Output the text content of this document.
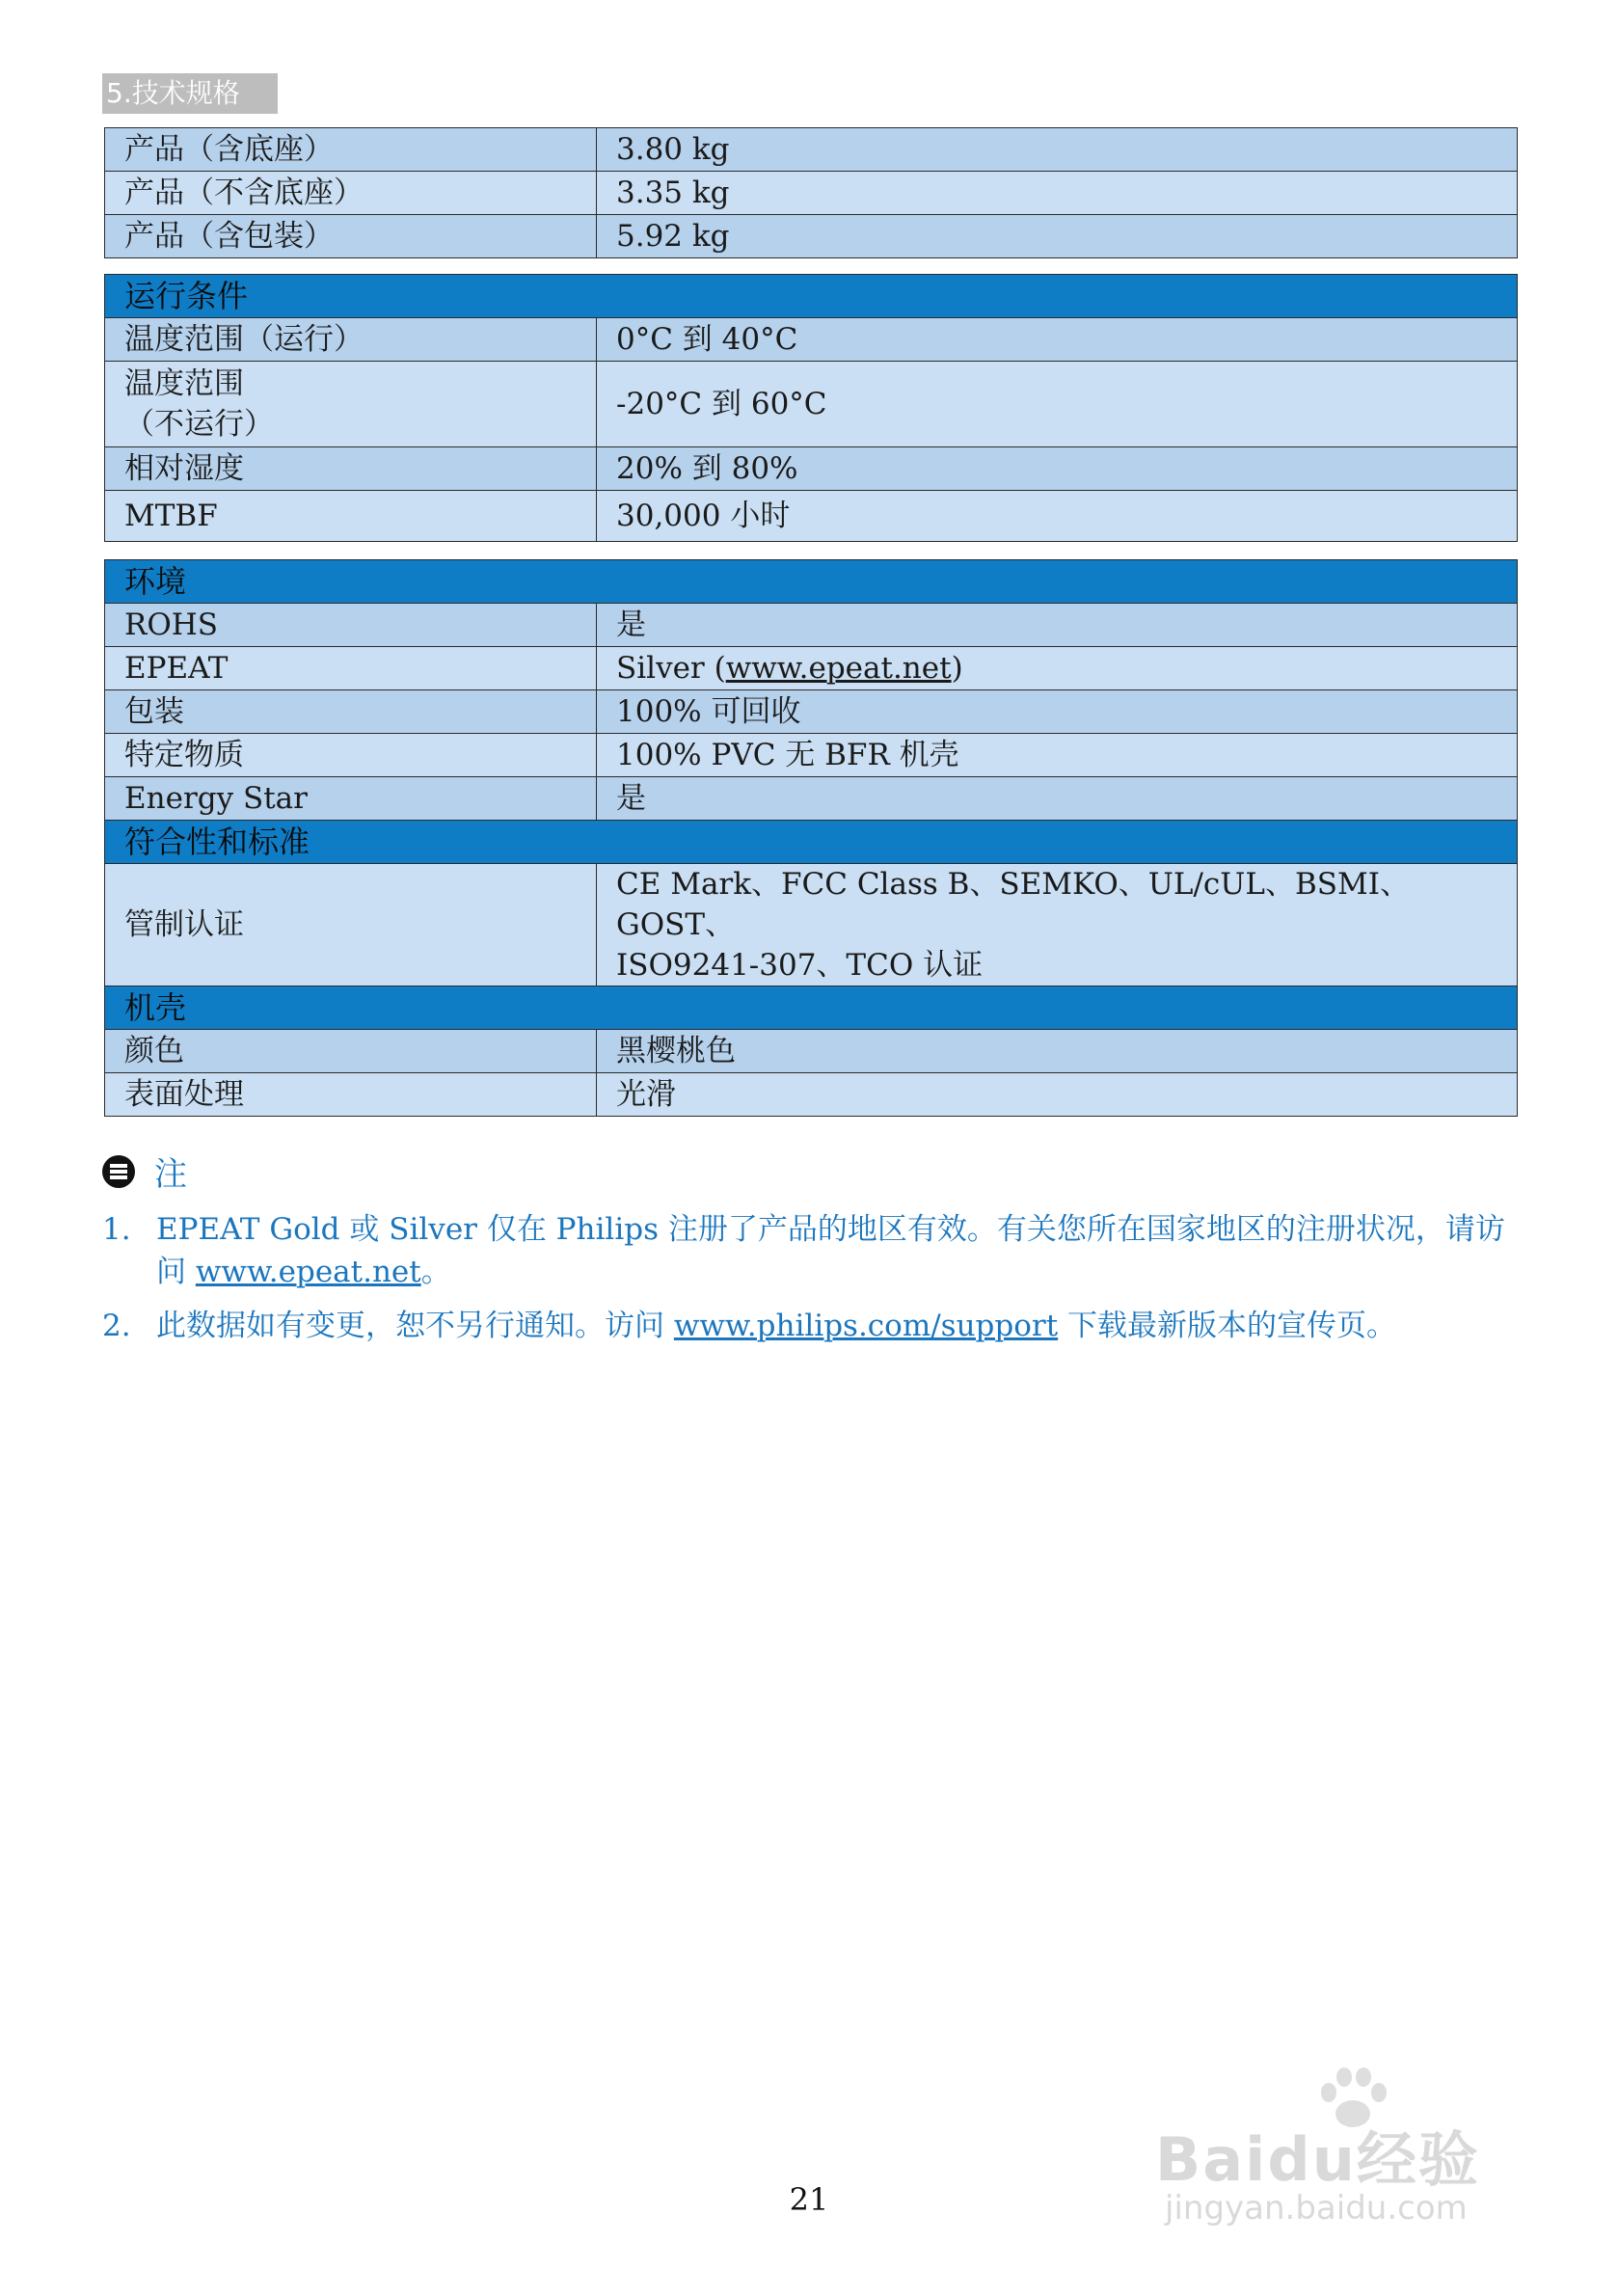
5.技术规格
产品（含底座）	3.80 kg
产品（不含底座）	3.35 kg
产品（含包装）	5.92 kg
运行条件	
温度范围（运行）	0°C 到 40°C

温度范围
（不运行）	-20°C 到 60°C
相对湿度	20% 到 80%
MTBF	30,000 小时
环境	
ROHS	是
EPEAT	Silver (www.epeat.net)
包装	100% 可回收
特定物质	100% PVC 无 BFR 机壳
Energy Star	是
符合性和标准	
管制认证	CE Mark、FCC Class B、SEMKO、UL/cUL、BSMI、GOST、
ISO9241-307、TCO 认证

机壳	
颜色	黑樱桃色
表面处理	光滑
注
1. EPEAT Gold 或 Silver 仅在 Philips 注册了产品的地区有效。有关您所在国家地区的注册状况，请访问 www.epeat.net。
2. 此数据如有变更，恕不另行通知。访问 www.philips.com/support 下载最新版本的宣传页。
Baidu经验
jingyan.baidu.com
21
